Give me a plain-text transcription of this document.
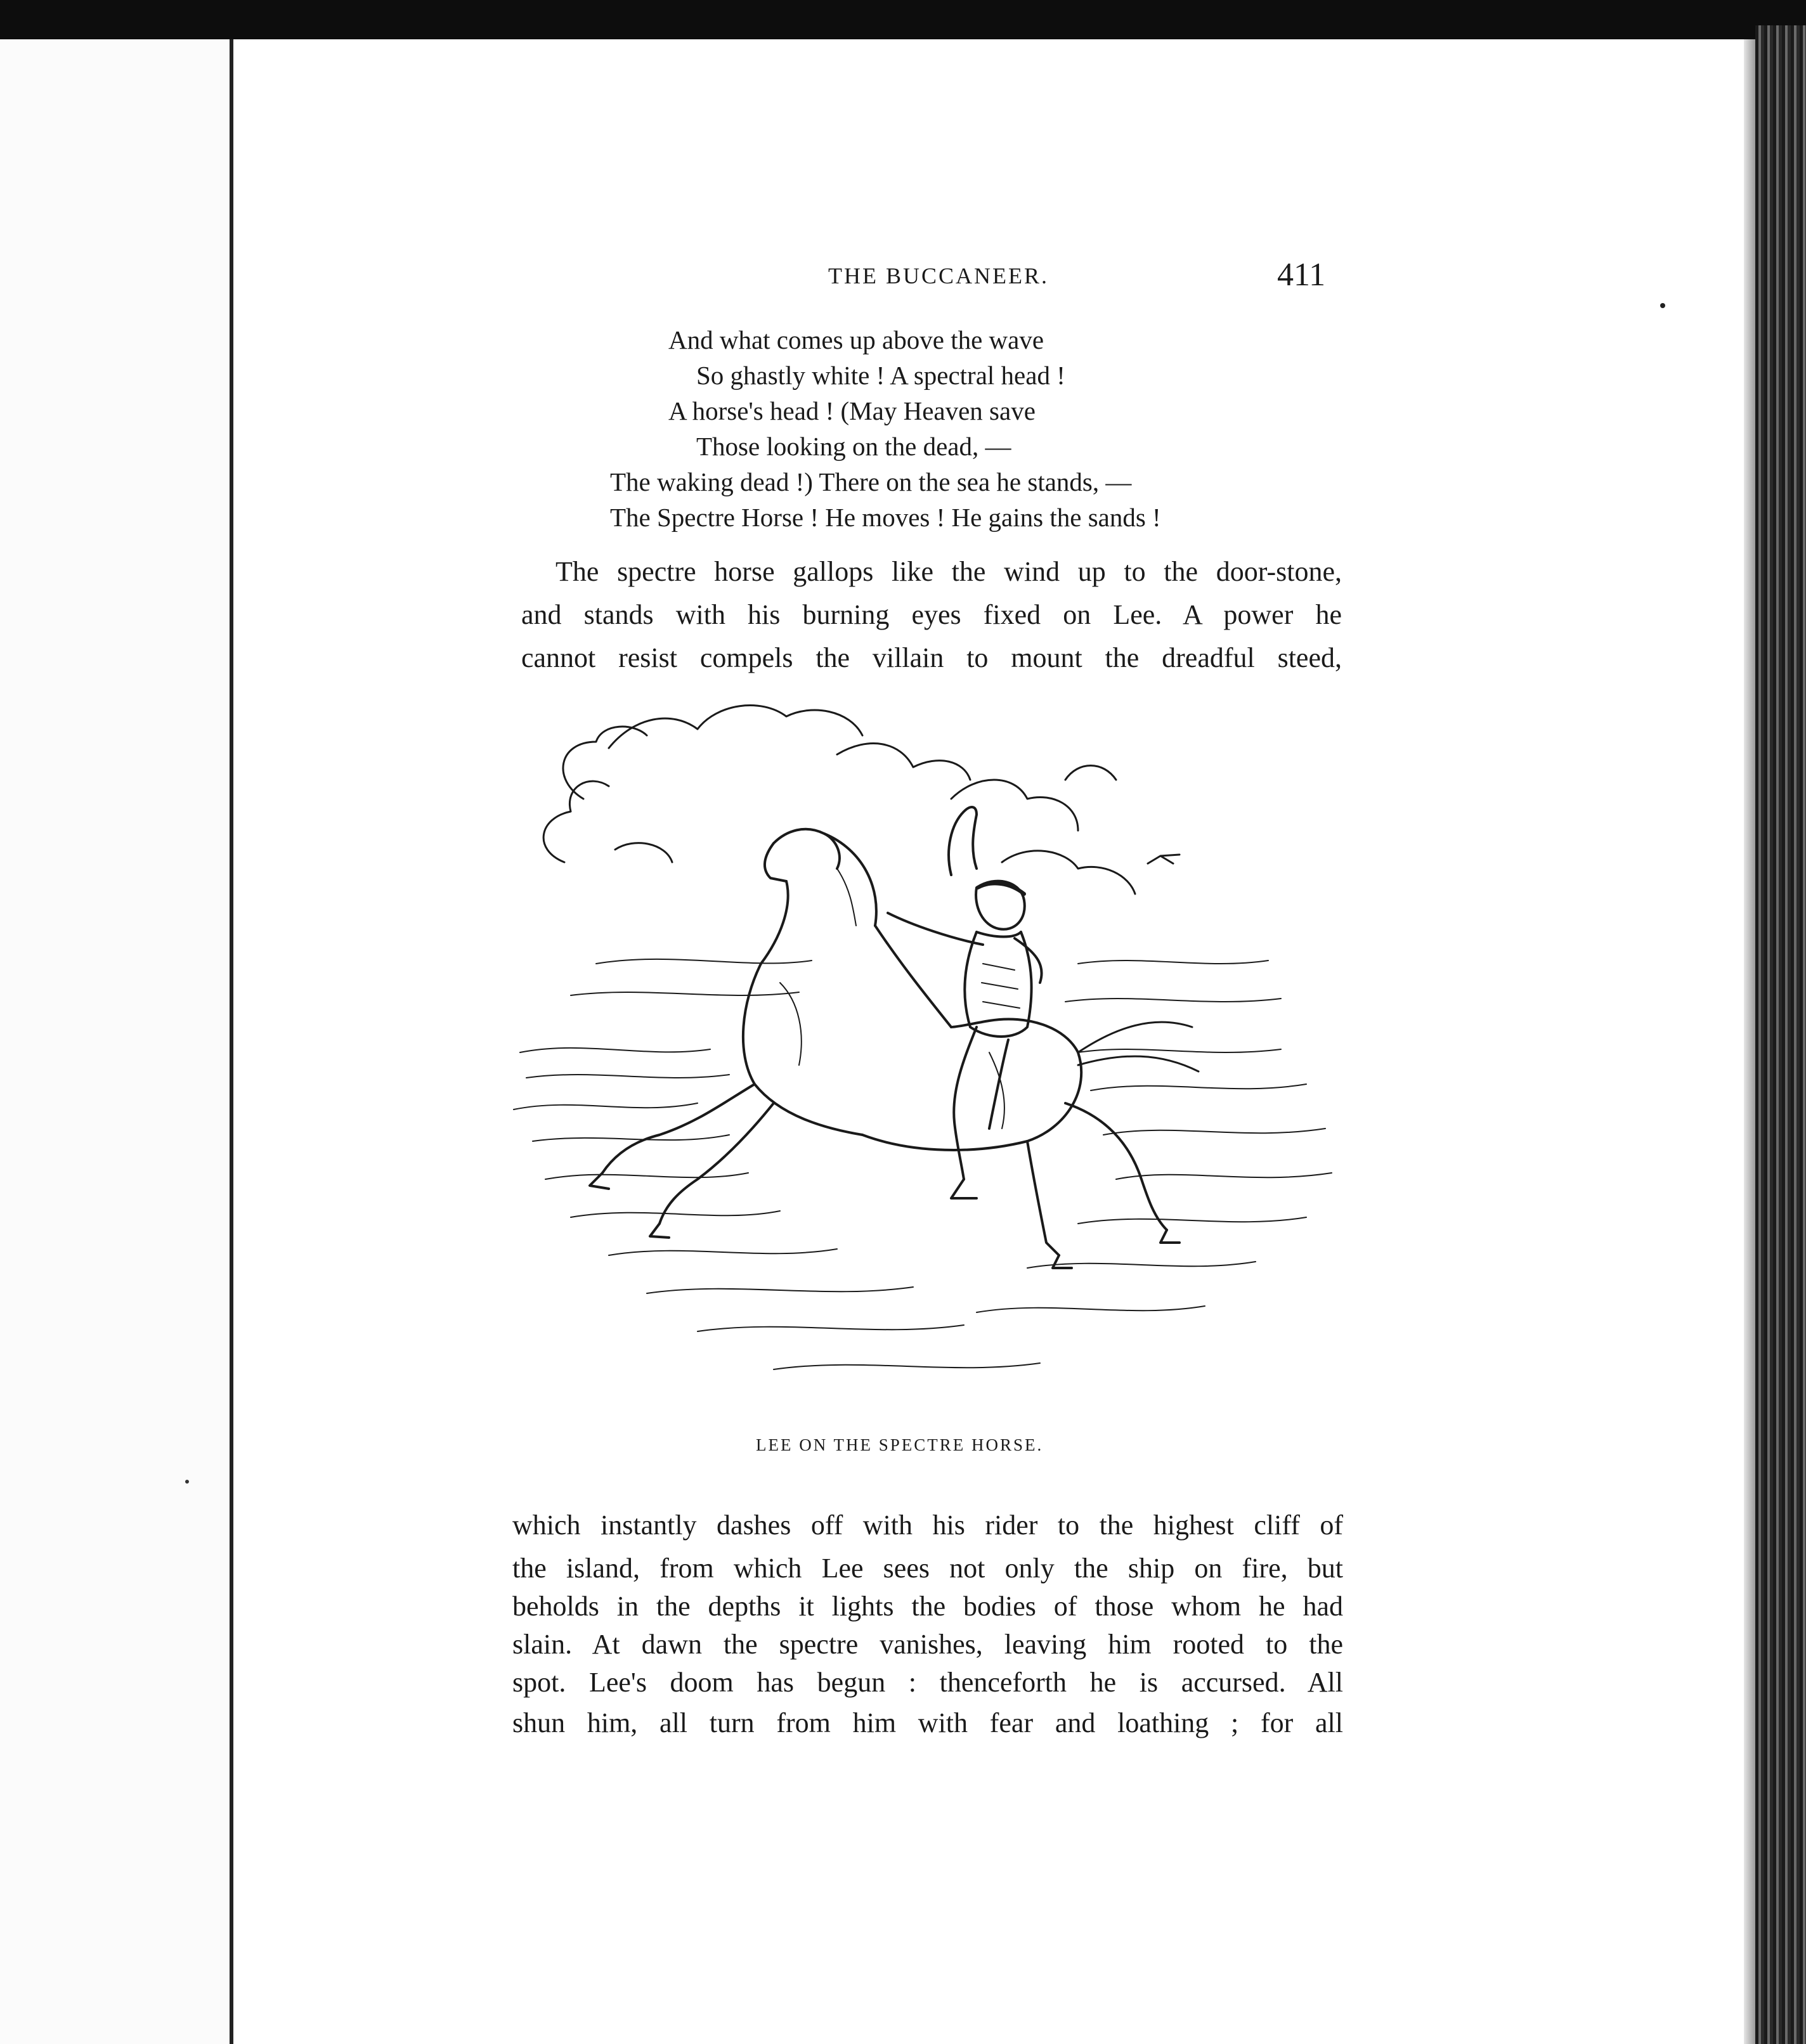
THE BUCCANEER.	411
And what comes up above the wave
So ghastly white ! A spectral head !
A horse's head ! (May Heaven save
Those looking on the dead, —
The waking dead !) There on the sea he stands, —
The Spectre Horse ! He moves ! He gains the sands !
The spectre horse gallops like the wind up to the door-stone,
and stands with his burning eyes fixed on Lee. A power he
cannot resist compels the villain to mount the dreadful steed,
LEE ON THE SPECTRE HORSE.
which instantly dashes off with his rider to the highest cliff of
the island, from which Lee sees not only the ship on fire, but
beholds in the depths it lights the bodies of those whom he had
slain. At dawn the spectre vanishes, leaving him rooted to the
spot. Lee's doom has begun : thenceforth he is accursed. All
shun him, all turn from him with fear and loathing ; for all
